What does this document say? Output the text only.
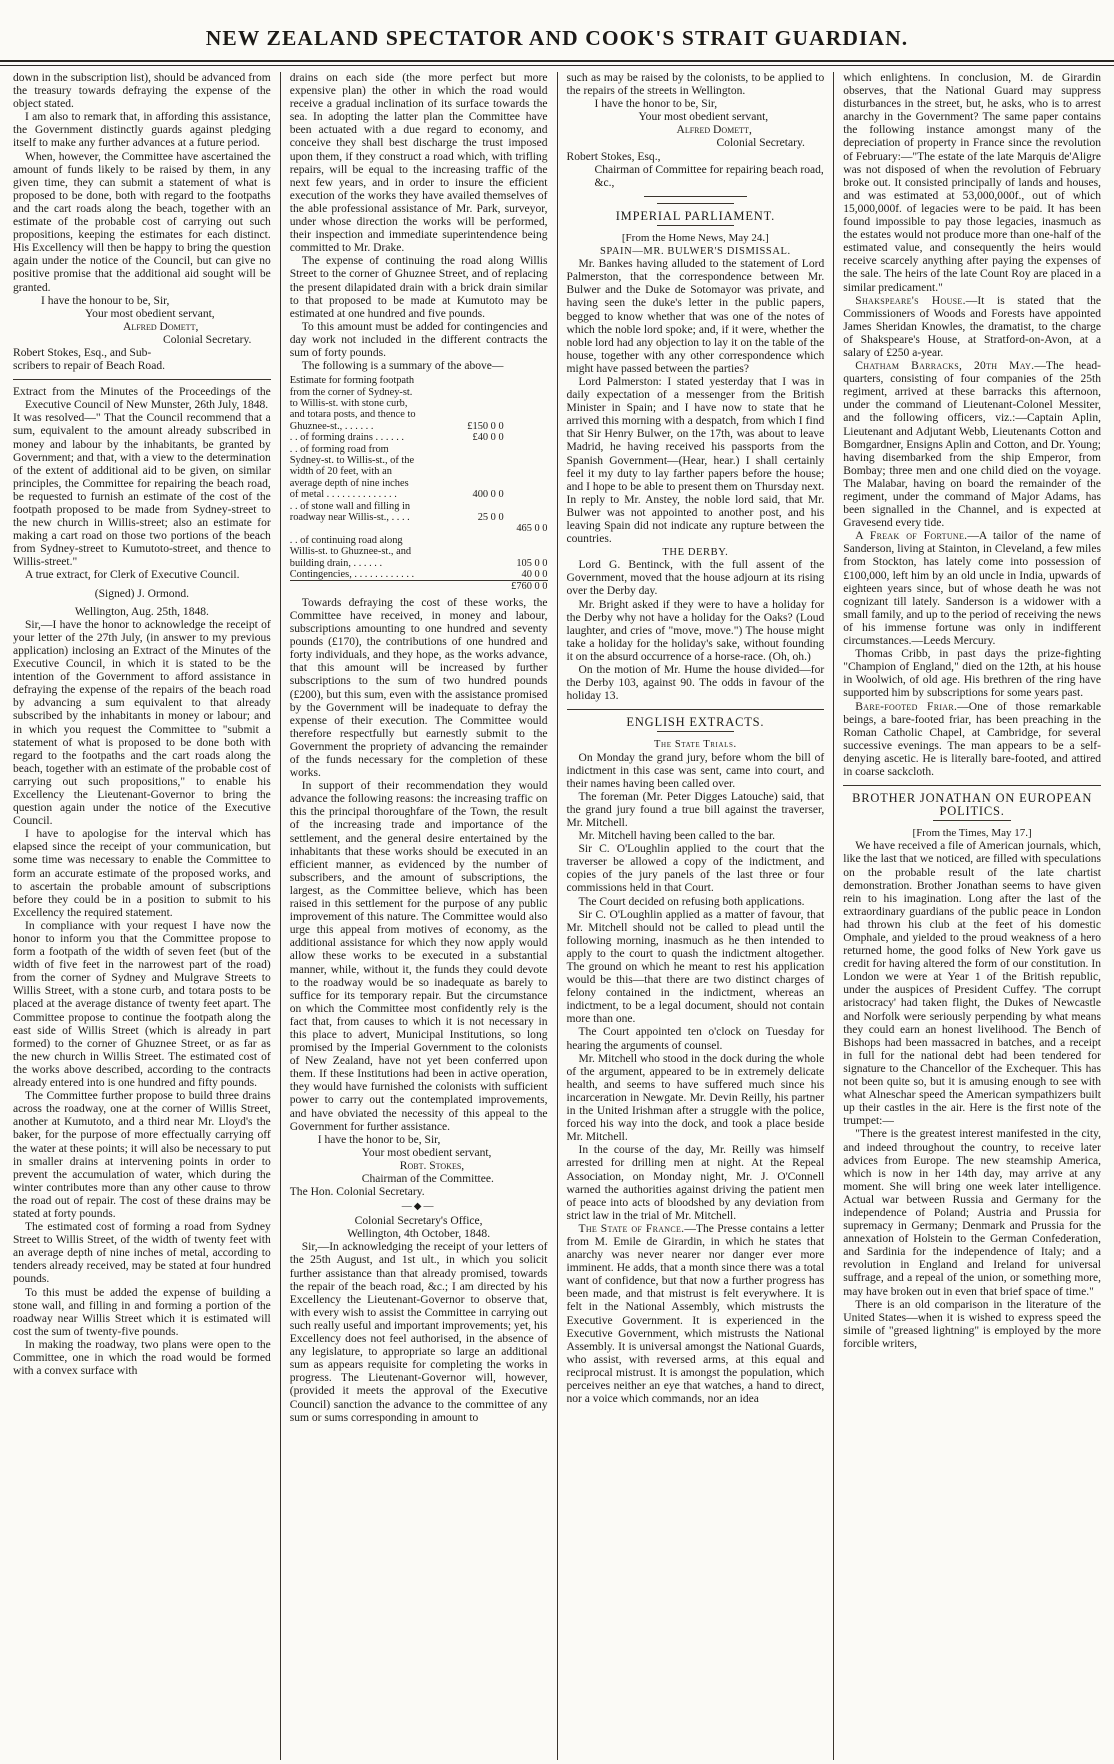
NEW ZEALAND SPECTATOR AND COOK'S STRAIT GUARDIAN.

down in the subscription list), should be advanced from the treasury towards defraying the expense of the object stated.

I am also to remark that, in affording this assistance, the Government distinctly guards against pledging itself to make any further advances at a future period.

When, however, the Committee have ascertained the amount of funds likely to be raised by them, in any given time, they can submit a statement of what is proposed to be done, both with regard to the footpaths and the cart roads along the beach, together with an estimate of the probable cost of carrying out such propositions, keeping the estimates for each distinct. His Excellency will then be happy to bring the question again under the notice of the Council, but can give no positive promise that the additional aid sought will be granted.

I have the honour to be, Sir,

Your most obedient servant,

Alfred Domett,

Colonial Secretary.

Robert Stokes, Esq., and Sub-

scribers to repair of Beach Road.

Extract from the Minutes of the Proceedings of the Executive Council of New Munster, 26th July, 1848.

It was resolved—" That the Council recommend that a sum, equivalent to the amount already subscribed in money and labour by the inhabitants, be granted by Government; and that, with a view to the determination of the extent of additional aid to be given, on similar principles, the Committee for repairing the beach road, be requested to furnish an estimate of the cost of the footpath proposed to be made from Sydney-street to the new church in Willis-street; also an estimate for making a cart road on those two portions of the beach from Sydney-street to Kumutoto-street, and thence to Willis-street."

A true extract, for Clerk of Executive Council.

(Signed) J. Ormond.

Wellington, Aug. 25th, 1848.

Sir,—I have the honor to acknowledge the receipt of your letter of the 27th July, (in answer to my previous application) inclosing an Extract of the Minutes of the Executive Council, in which it is stated to be the intention of the Government to afford assistance in defraying the expense of the repairs of the beach road by advancing a sum equivalent to that already subscribed by the inhabitants in money or labour; and in which you request the Committee to "submit a statement of what is proposed to be done both with regard to the footpaths and the cart roads along the beach, together with an estimate of the probable cost of carrying out such propositions," to enable his Excellency the Lieutenant-Governor to bring the question again under the notice of the Executive Council.

I have to apologise for the interval which has elapsed since the receipt of your communication, but some time was necessary to enable the Committee to form an accurate estimate of the proposed works, and to ascertain the probable amount of subscriptions before they could be in a position to submit to his Excellency the required statement.

In compliance with your request I have now the honor to inform you that the Committee propose to form a footpath of the width of seven feet (but of the width of five feet in the narrowest part of the road) from the corner of Sydney and Mulgrave Streets to Willis Street, with a stone curb, and totara posts to be placed at the average distance of twenty feet apart. The Committee propose to continue the footpath along the east side of Willis Street (which is already in part formed) to the corner of Ghuznee Street, or as far as the new church in Willis Street. The estimated cost of the works above described, according to the contracts already entered into is one hundred and fifty pounds.

The Committee further propose to build three drains across the roadway, one at the corner of Willis Street, another at Kumutoto, and a third near Mr. Lloyd's the baker, for the purpose of more effectually carrying off the water at these points; it will also be necessary to put in smaller drains at intervening points in order to prevent the accumulation of water, which during the winter contributes more than any other cause to throw the road out of repair. The cost of these drains may be stated at forty pounds.

The estimated cost of forming a road from Sydney Street to Willis Street, of the width of twenty feet with an average depth of nine inches of metal, according to tenders already received, may be stated at four hundred pounds.

To this must be added the expense of building a stone wall, and filling in and forming a portion of the roadway near Willis Street which it is estimated will cost the sum of twenty-five pounds.

In making the roadway, two plans were open to the Committee, one in which the road would be formed with a convex surface with

drains on each side (the more perfect but more expensive plan) the other in which the road would receive a gradual inclination of its surface towards the sea. In adopting the latter plan the Committee have been actuated with a due regard to economy, and conceive they shall best discharge the trust imposed upon them, if they construct a road which, with trifling repairs, will be equal to the increasing traffic of the next few years, and in order to insure the efficient execution of the works they have availed themselves of the able professional assistance of Mr. Park, surveyor, under whose direction the works will be performed, their inspection and immediate superintendence being committed to Mr. Drake.

The expense of continuing the road along Willis Street to the corner of Ghuznee Street, and of replacing the present dilapidated drain with a brick drain similar to that proposed to be made at Kumutoto may be estimated at one hundred and five pounds.

To this amount must be added for contingencies and day work not included in the different contracts the sum of forty pounds.

The following is a summary of the above—

Estimate for forming footpath from the corner of Sydney-st. to Willis-st. with stone curb, and totara posts, and thence to Ghuznee-st., . . . . . .		£150 0 0	
. . of forming drains . . . . . .		£40 0 0	
. . of forming road from Sydney-st. to Willis-st., of the width of 20 feet, with an average depth of nine inches of metal . . . . . . . . . . . . . .		400 0 0	
. . of stone wall and filling in roadway near Willis-st., . . . .		25 0 0	
			465 0 0
. . of continuing road along Willis-st. to Ghuznee-st., and building drain, . . . . . .			105 0 0
Contingencies, . . . . . . . . . . . .			40 0 0
			£760 0 0

Towards defraying the cost of these works, the Committee have received, in money and labour, subscriptions amounting to one hundred and seventy pounds (£170), the contributions of one hundred and forty individuals, and they hope, as the works advance, that this amount will be increased by further subscriptions to the sum of two hundred pounds (£200), but this sum, even with the assistance promised by the Government will be inadequate to defray the expense of their execution. The Committee would therefore respectfully but earnestly submit to the Government the propriety of advancing the remainder of the funds necessary for the completion of these works.

In support of their recommendation they would advance the following reasons: the increasing traffic on this the principal thoroughfare of the Town, the result of the increasing trade and importance of the settlement, and the general desire entertained by the inhabitants that these works should be executed in an efficient manner, as evidenced by the number of subscribers, and the amount of subscriptions, the largest, as the Committee believe, which has been raised in this settlement for the purpose of any public improvement of this nature. The Committee would also urge this appeal from motives of economy, as the additional assistance for which they now apply would allow these works to be executed in a substantial manner, while, without it, the funds they could devote to the roadway would be so inadequate as barely to suffice for its temporary repair. But the circumstance on which the Committee most confidently rely is the fact that, from causes to which it is not necessary in this place to advert, Municipal Institutions, so long promised by the Imperial Government to the colonists of New Zealand, have not yet been conferred upon them. If these Institutions had been in active operation, they would have furnished the colonists with sufficient power to carry out the contemplated improvements, and have obviated the necessity of this appeal to the Government for further assistance.

I have the honor to be, Sir,

Your most obedient servant,

Robt. Stokes,

Chairman of the Committee.

The Hon. Colonial Secretary.

—◆—

Colonial Secretary's Office,

Wellington, 4th October, 1848.

Sir,—In acknowledging the receipt of your letters of the 25th August, and 1st ult., in which you solicit further assistance than that already promised, towards the repair of the beach road, &c.; I am directed by his Excellency the Lieutenant-Governor to observe that, with every wish to assist the Committee in carrying out such really useful and important improvements; yet, his Excellency does not feel authorised, in the absence of any legislature, to appropriate so large an additional sum as appears requisite for completing the works in progress. The Lieutenant-Governor will, however, (provided it meets the approval of the Executive Council) sanction the advance to the committee of any sum or sums corresponding in amount to

such as may be raised by the colonists, to be applied to the repairs of the streets in Wellington.

I have the honor to be, Sir,

Your most obedient servant,

Alfred Domett,

Colonial Secretary.

Robert Stokes, Esq.,

Chairman of Committee for repairing beach road, &c.,

IMPERIAL PARLIAMENT.

[From the Home News, May 24.]

SPAIN—MR. BULWER'S DISMISSAL.

Mr. Bankes having alluded to the statement of Lord Palmerston, that the correspondence between Mr. Bulwer and the Duke de Sotomayor was private, and having seen the duke's letter in the public papers, begged to know whether that was one of the notes of which the noble lord spoke; and, if it were, whether the noble lord had any objection to lay it on the table of the house, together with any other correspondence which might have passed between the parties?

Lord Palmerston: I stated yesterday that I was in daily expectation of a messenger from the British Minister in Spain; and I have now to state that he arrived this morning with a despatch, from which I find that Sir Henry Bulwer, on the 17th, was about to leave Madrid, he having received his passports from the Spanish Government—(Hear, hear.) I shall certainly feel it my duty to lay farther papers before the house; and I hope to be able to present them on Thursday next. In reply to Mr. Anstey, the noble lord said, that Mr. Bulwer was not appointed to another post, and his leaving Spain did not indicate any rupture between the countries.

THE DERBY.

Lord G. Bentinck, with the full assent of the Government, moved that the house adjourn at its rising over the Derby day.

Mr. Bright asked if they were to have a holiday for the Derby why not have a holiday for the Oaks? (Loud laughter, and cries of "move, move.") The house might take a holiday for the holiday's sake, without founding it on the absurd occurrence of a horse-race. (Oh, oh.)

On the motion of Mr. Hume the house divided—for the Derby 103, against 90. The odds in favour of the holiday 13.

ENGLISH EXTRACTS.

The State Trials.

On Monday the grand jury, before whom the bill of indictment in this case was sent, came into court, and their names having been called over.

The foreman (Mr. Peter Digges Latouche) said, that the grand jury found a true bill against the traverser, Mr. Mitchell.

Mr. Mitchell having been called to the bar.

Sir C. O'Loughlin applied to the court that the traverser be allowed a copy of the indictment, and copies of the jury panels of the last three or four commissions held in that Court.

The Court decided on refusing both applications.

Sir C. O'Loughlin applied as a matter of favour, that Mr. Mitchell should not be called to plead until the following morning, inasmuch as he then intended to apply to the court to quash the indictment altogether. The ground on which he meant to rest his application would be this—that there are two distinct charges of felony contained in the indictment, whereas an indictment, to be a legal document, should not contain more than one.

The Court appointed ten o'clock on Tuesday for hearing the arguments of counsel.

Mr. Mitchell who stood in the dock during the whole of the argument, appeared to be in extremely delicate health, and seems to have suffered much since his incarceration in Newgate. Mr. Devin Reilly, his partner in the United Irishman after a struggle with the police, forced his way into the dock, and took a place beside Mr. Mitchell.

In the course of the day, Mr. Reilly was himself arrested for drilling men at night. At the Repeal Association, on Monday night, Mr. J. O'Connell warned the authorities against driving the patient men of peace into acts of bloodshed by any deviation from strict law in the trial of Mr. Mitchell.

The State of France.—The Presse contains a letter from M. Emile de Girardin, in which he states that anarchy was never nearer nor danger ever more imminent. He adds, that a month since there was a total want of confidence, but that now a further progress has been made, and that mistrust is felt everywhere. It is felt in the National Assembly, which mistrusts the Executive Government. It is experienced in the Executive Government, which mistrusts the National Assembly. It is universal amongst the National Guards, who assist, with reversed arms, at this equal and reciprocal mistrust. It is amongst the population, which perceives neither an eye that watches, a hand to direct, nor a voice which commands, nor an idea

which enlightens. In conclusion, M. de Girardin observes, that the National Guard may suppress disturbances in the street, but, he asks, who is to arrest anarchy in the Government? The same paper contains the following instance amongst many of the depreciation of property in France since the revolution of February:—"The estate of the late Marquis de'Aligre was not disposed of when the revolution of February broke out. It consisted principally of lands and houses, and was estimated at 53,000,000f., out of which 15,000,000f. of legacies were to be paid. It has been found impossible to pay those legacies, inasmuch as the estates would not produce more than one-half of the estimated value, and consequently the heirs would receive scarcely anything after paying the expenses of the sale. The heirs of the late Count Roy are placed in a similar predicament."

Shakspeare's House.—It is stated that the Commissioners of Woods and Forests have appointed James Sheridan Knowles, the dramatist, to the charge of Shakspeare's House, at Stratford-on-Avon, at a salary of £250 a-year.

Chatham Barracks, 20th May.—The head-quarters, consisting of four companies of the 25th regiment, arrived at these barracks this afternoon, under the command of Lieutenant-Colonel Messiter, and the following officers, viz.:—Captain Aplin, Lieutenant and Adjutant Webb, Lieutenants Cotton and Bomgardner, Ensigns Aplin and Cotton, and Dr. Young; having disembarked from the ship Emperor, from Bombay; three men and one child died on the voyage. The Malabar, having on board the remainder of the regiment, under the command of Major Adams, has been signalled in the Channel, and is expected at Gravesend every tide.

A Freak of Fortune.—A tailor of the name of Sanderson, living at Stainton, in Cleveland, a few miles from Stockton, has lately come into possession of £100,000, left him by an old uncle in India, upwards of eighteen years since, but of whose death he was not cognizant till lately. Sanderson is a widower with a small family, and up to the period of receiving the news of his immense fortune was only in indifferent circumstances.—Leeds Mercury.

Thomas Cribb, in past days the prize-fighting "Champion of England," died on the 12th, at his house in Woolwich, of old age. His brethren of the ring have supported him by subscriptions for some years past.

Bare-footed Friar.—One of those remarkable beings, a bare-footed friar, has been preaching in the Roman Catholic Chapel, at Cambridge, for several successive evenings. The man appears to be a self-denying ascetic. He is literally bare-footed, and attired in coarse sackcloth.

BROTHER JONATHAN ON EUROPEAN POLITICS.

[From the Times, May 17.]

We have received a file of American journals, which, like the last that we noticed, are filled with speculations on the probable result of the late chartist demonstration. Brother Jonathan seems to have given rein to his imagination. Long after the last of the extraordinary guardians of the public peace in London had thrown his club at the feet of his domestic Omphale, and yielded to the proud weakness of a hero returned home, the good folks of New York gave us credit for having altered the form of our constitution. In London we were at Year 1 of the British republic, under the auspices of President Cuffey. 'The corrupt aristocracy' had taken flight, the Dukes of Newcastle and Norfolk were seriously perpending by what means they could earn an honest livelihood. The Bench of Bishops had been massacred in batches, and a receipt in full for the national debt had been tendered for signature to the Chancellor of the Exchequer. This has not been quite so, but it is amusing enough to see with what Alneschar speed the American sympathizers built up their castles in the air. Here is the first note of the trumpet:—

"There is the greatest interest manifested in the city, and indeed throughout the country, to receive later advices from Europe. The new steamship America, which is now in her 14th day, may arrive at any moment. She will bring one week later intelligence. Actual war between Russia and Germany for the independence of Poland; Austria and Prussia for supremacy in Germany; Denmark and Prussia for the annexation of Holstein to the German Confederation, and Sardinia for the independence of Italy; and a revolution in England and Ireland for universal suffrage, and a repeal of the union, or something more, may have broken out in even that brief space of time."

There is an old comparison in the literature of the United States—when it is wished to express speed the simile of "greased lightning" is employed by the more forcible writers,
